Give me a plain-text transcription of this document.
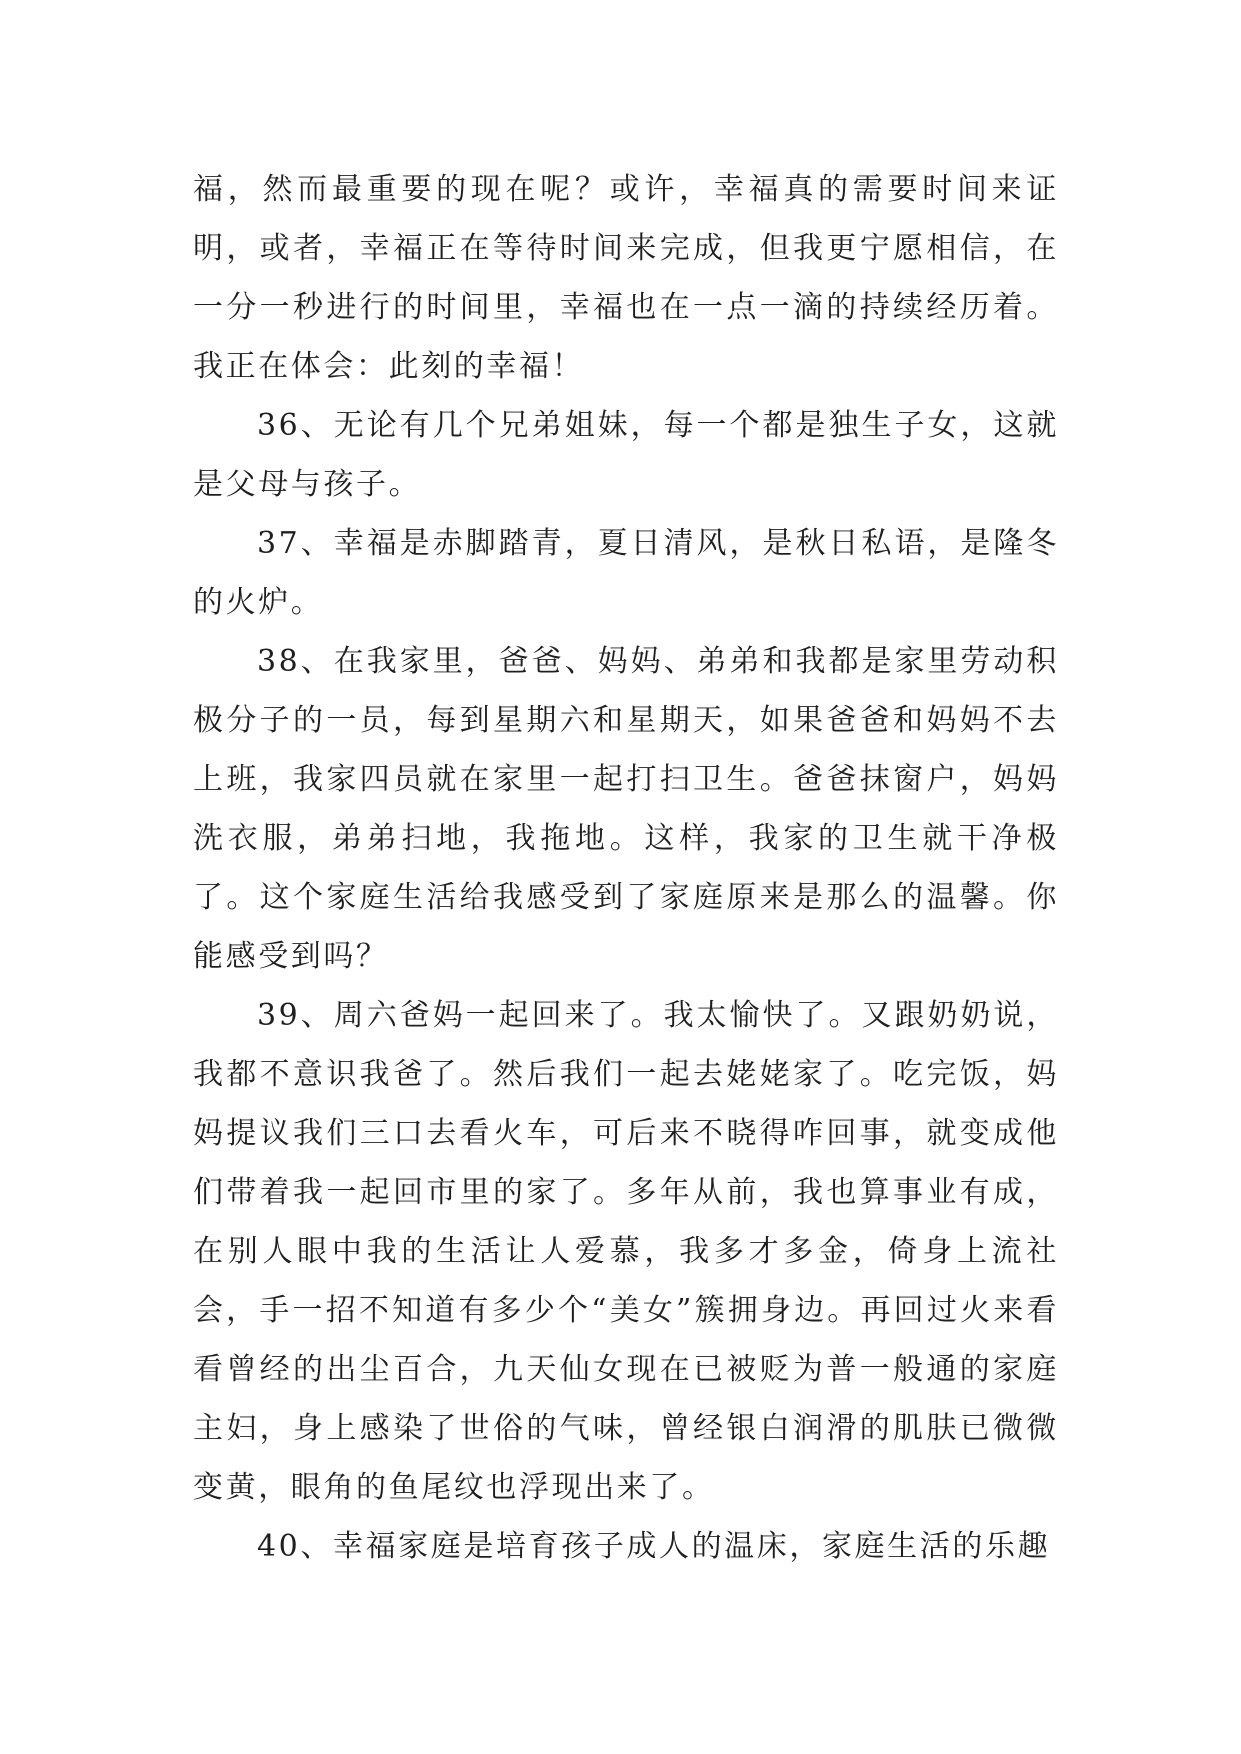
福，然而最重要的现在呢？或许，幸福真的需要时间来证明，或者，幸福正在等待时间来完成，但我更宁愿相信，在一分一秒进行的时间里，幸福也在一点一滴的持续经历着。我正在体会：此刻的幸福！

36、无论有几个兄弟姐妹，每一个都是独生子女，这就是父母与孩子。

37、幸福是赤脚踏青，夏日清风，是秋日私语，是隆冬的火炉。

38、在我家里，爸爸、妈妈、弟弟和我都是家里劳动积极分子的一员，每到星期六和星期天，如果爸爸和妈妈不去上班，我家四员就在家里一起打扫卫生。爸爸抹窗户，妈妈洗衣服，弟弟扫地，我拖地。这样，我家的卫生就干净极了。这个家庭生活给我感受到了家庭原来是那么的温馨。你能感受到吗？

39、周六爸妈一起回来了。我太愉快了。又跟奶奶说，我都不意识我爸了。然后我们一起去姥姥家了。吃完饭，妈妈提议我们三口去看火车，可后来不晓得咋回事，就变成他们带着我一起回市里的家了。多年从前，我也算事业有成，在别人眼中我的生活让人爱慕，我多才多金，倚身上流社会，手一招不知道有多少个“美女”簇拥身边。再回过火来看看曾经的出尘百合，九天仙女现在已被贬为普一般通的家庭主妇，身上感染了世俗的气味，曾经银白润滑的肌肤已微微变黄，眼角的鱼尾纹也浮现出来了。

40、幸福家庭是培育孩子成人的温床，家庭生活的乐趣
